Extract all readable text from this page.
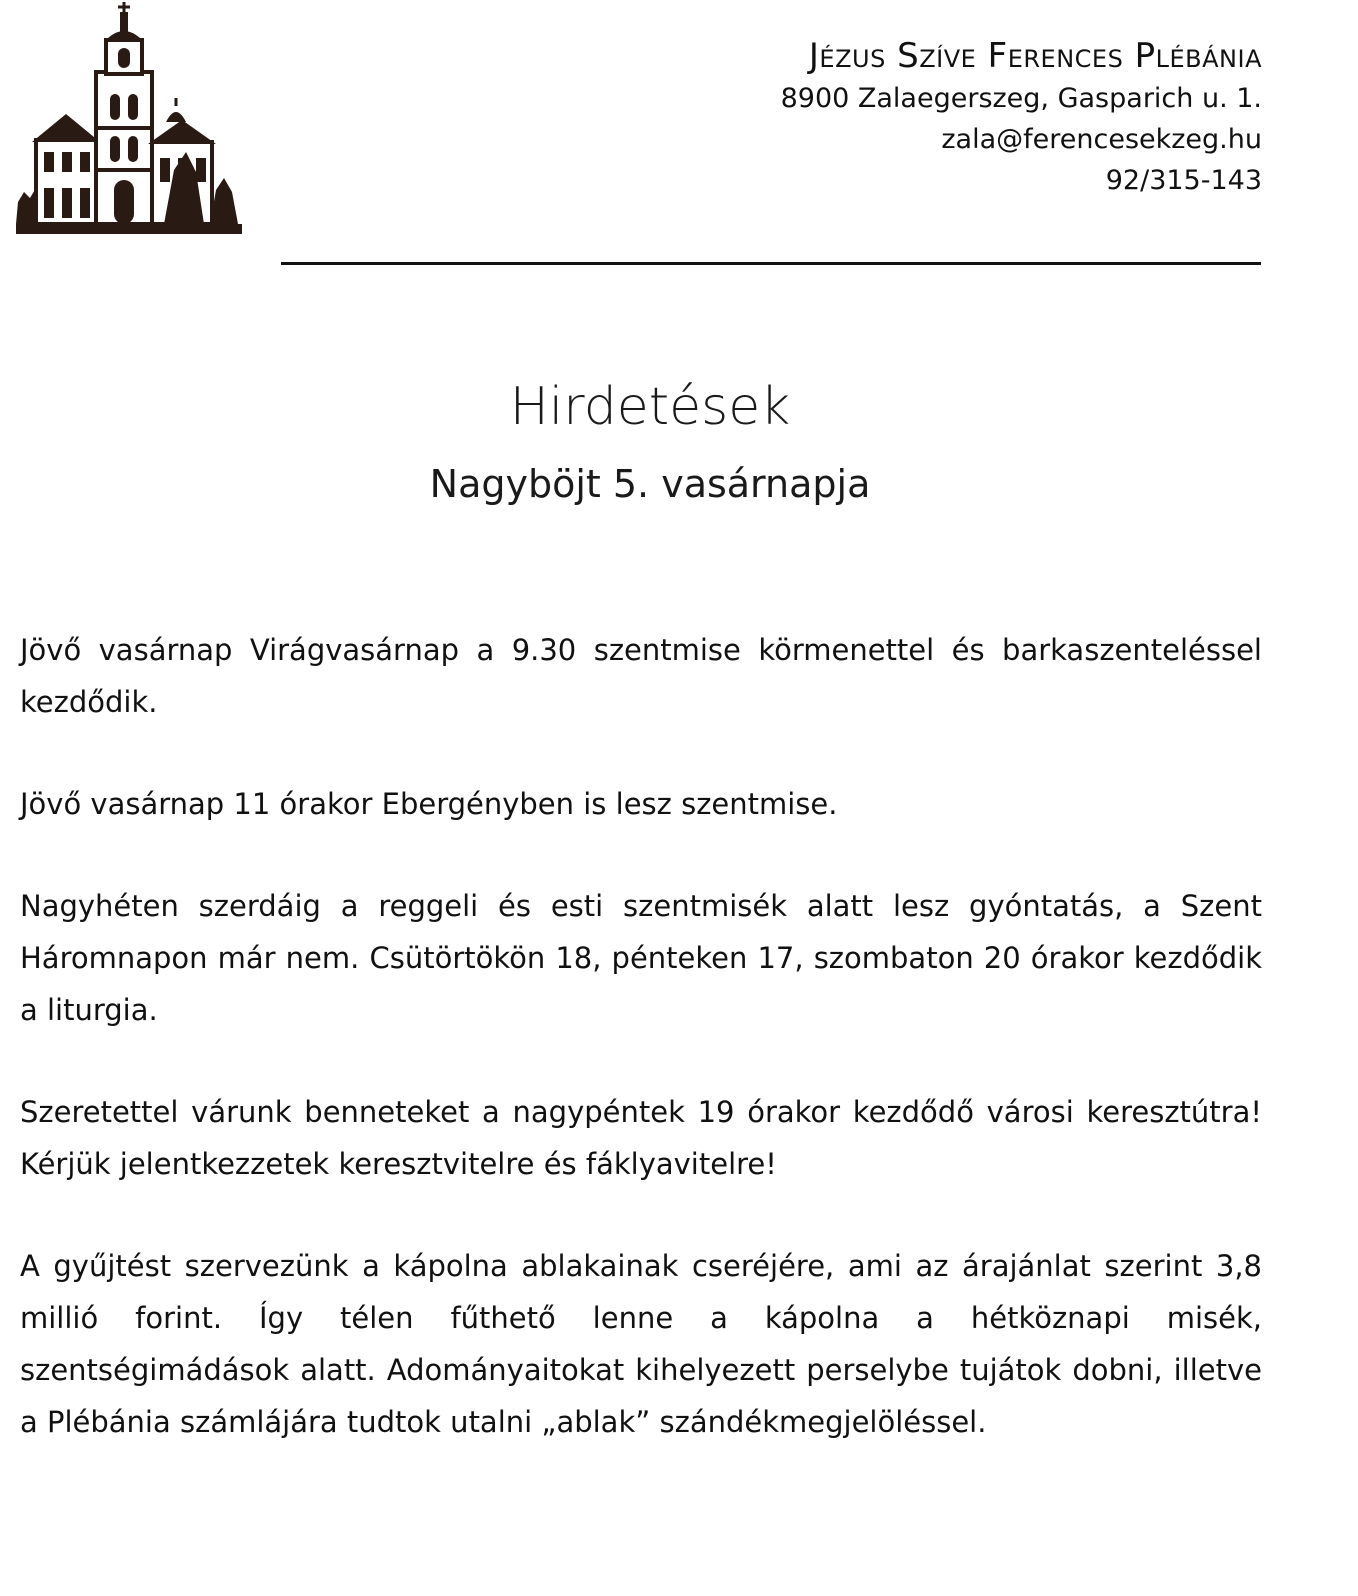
Jézus Szíve Ferences Plébánia
8900 Zalaegerszeg, Gasparich u. 1.
zala@ferencesekzeg.hu
92/315-143
Hirdetések
Nagyböjt 5. vasárnapja

Jövő vasárnap Virágvasárnap a 9.30 szentmise körmenettel és barkaszenteléssel kezdődik.

Jövő vasárnap 11 órakor Ebergényben is lesz szentmise.

Nagyhéten szerdáig a reggeli és esti szentmisék alatt lesz gyóntatás, a Szent Háromnapon már nem. Csütörtökön 18, pénteken 17, szombaton 20 órakor kezdődik a liturgia.

Szeretettel várunk benneteket a nagypéntek 19 órakor kezdődő városi keresztútra! Kérjük jelentkezzetek keresztvitelre és fáklyavitelre!

A gyűjtést szervezünk a kápolna ablakainak cseréjére, ami az árajánlat szerint 3,8 millió forint. Így télen fűthető lenne a kápolna a hétköznapi misék, szentségimádások alatt. Adományaitokat kihelyezett perselybe tujátok dobni, illetve a Plébánia számlájára tudtok utalni „ablak” szándékmegjelöléssel.
